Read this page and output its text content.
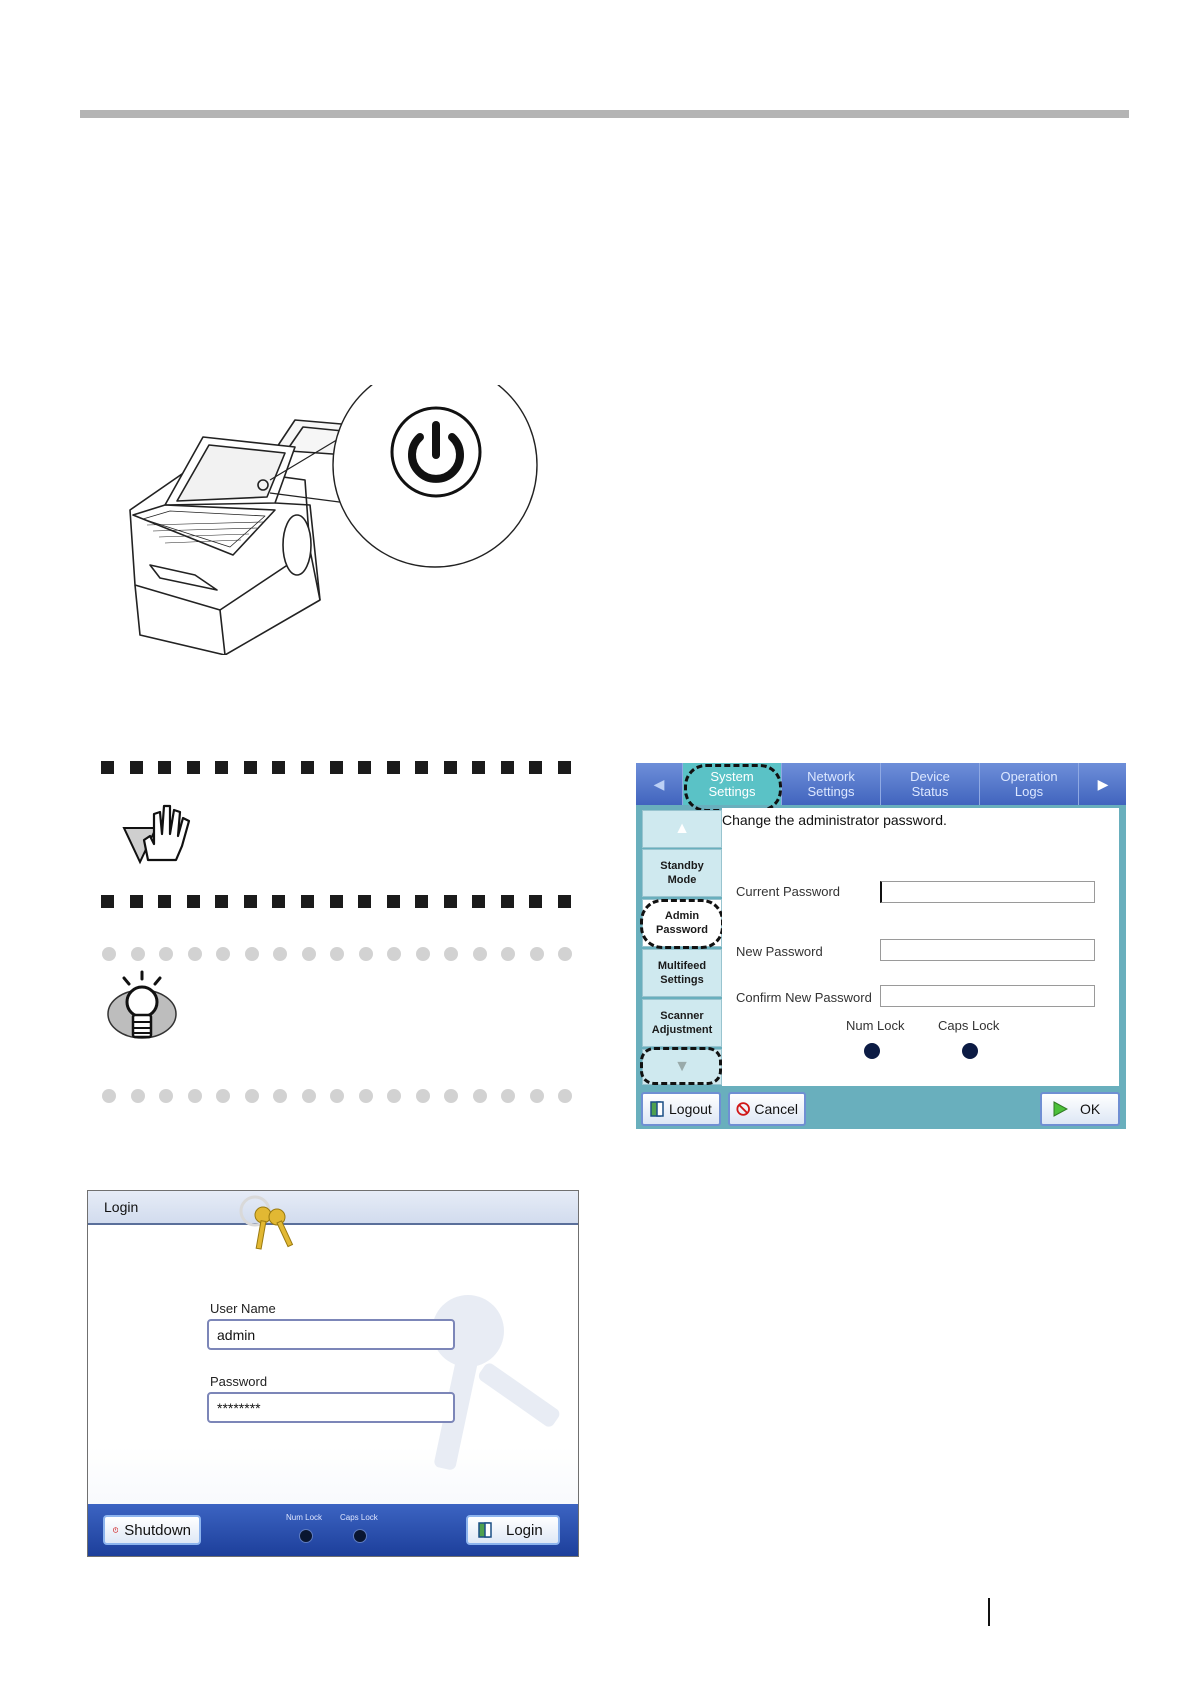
Login
User Name
admin
Password
********
Shutdown
Num Lock Caps Lock
Login
◀	System Settings
Network Settings
Device Status
Operation Logs	▶
▲
Standby Mode
Admin Password
Multifeed Settings
Scanner Adjustment
▼
Change the administrator password.
Current Password
New Password
Confirm New Password
Num Lock	Caps Lock
Logout	Cancel	OK
